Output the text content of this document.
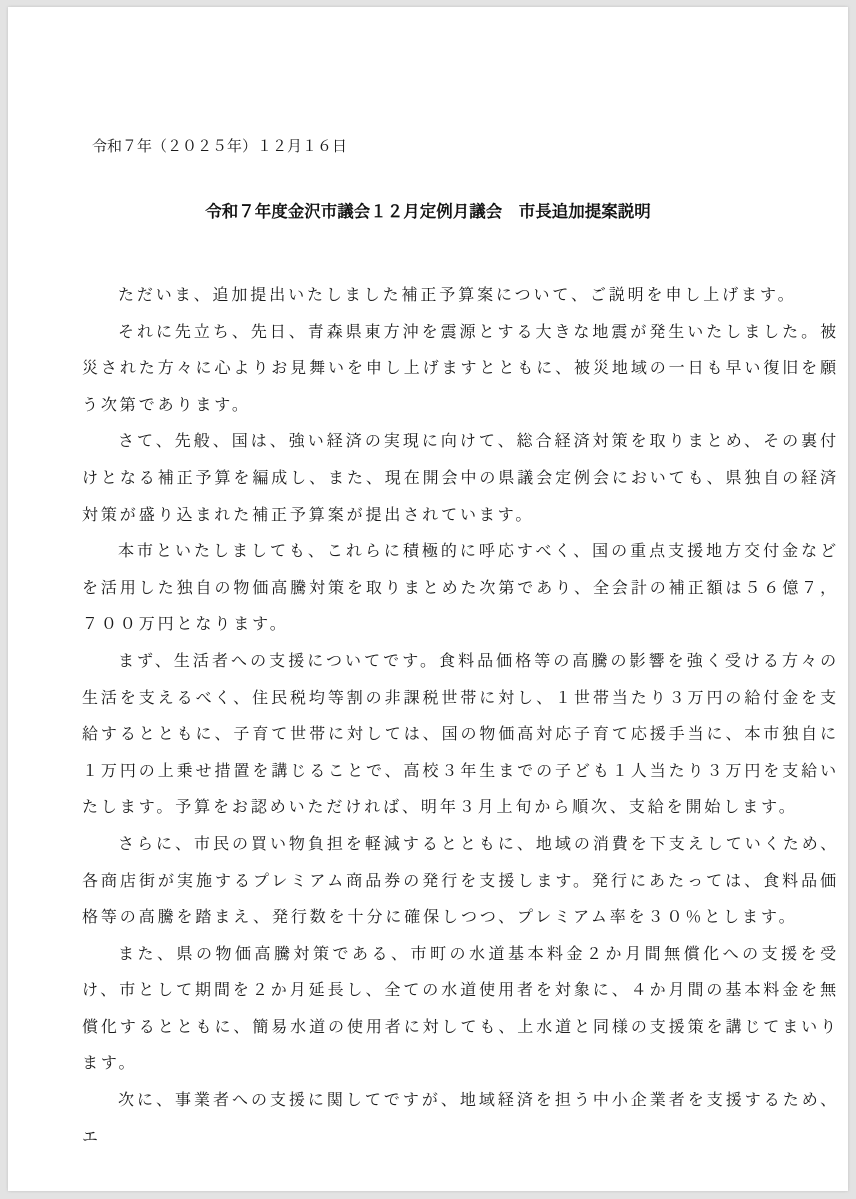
令和７年（２０２５年）１２月１６日
令和７年度金沢市議会１２月定例月議会　市長追加提案説明

ただいま、追加提出いたしました補正予算案について、ご説明を申し上げます。

それに先立ち、先日、青森県東方沖を震源とする大きな地震が発生いたしました。被災された方々に心よりお見舞いを申し上げますとともに、被災地域の一日も早い復旧を願う次第であります。

さて、先般、国は、強い経済の実現に向けて、総合経済対策を取りまとめ、その裏付けとなる補正予算を編成し、また、現在開会中の県議会定例会においても、県独自の経済対策が盛り込まれた補正予算案が提出されています。

本市といたしましても、これらに積極的に呼応すべく、国の重点支援地方交付金などを活用した独自の物価高騰対策を取りまとめた次第であり、全会計の補正額は５６億７，７００万円となります。

まず、生活者への支援についてです。食料品価格等の高騰の影響を強く受ける方々の生活を支えるべく、住民税均等割の非課税世帯に対し、１世帯当たり３万円の給付金を支給するとともに、子育て世帯に対しては、国の物価高対応子育て応援手当に、本市独自に１万円の上乗せ措置を講じることで、高校３年生までの子ども１人当たり３万円を支給いたします。予算をお認めいただければ、明年３月上旬から順次、支給を開始します。

さらに、市民の買い物負担を軽減するとともに、地域の消費を下支えしていくため、各商店街が実施するプレミアム商品券の発行を支援します。発行にあたっては、食料品価格等の高騰を踏まえ、発行数を十分に確保しつつ、プレミアム率を３０％とします。

また、県の物価高騰対策である、市町の水道基本料金２か月間無償化への支援を受け、市として期間を２か月延長し、全ての水道使用者を対象に、４か月間の基本料金を無償化するとともに、簡易水道の使用者に対しても、上水道と同様の支援策を講じてまいります。

次に、事業者への支援に関してですが、地域経済を担う中小企業者を支援するため、エ
